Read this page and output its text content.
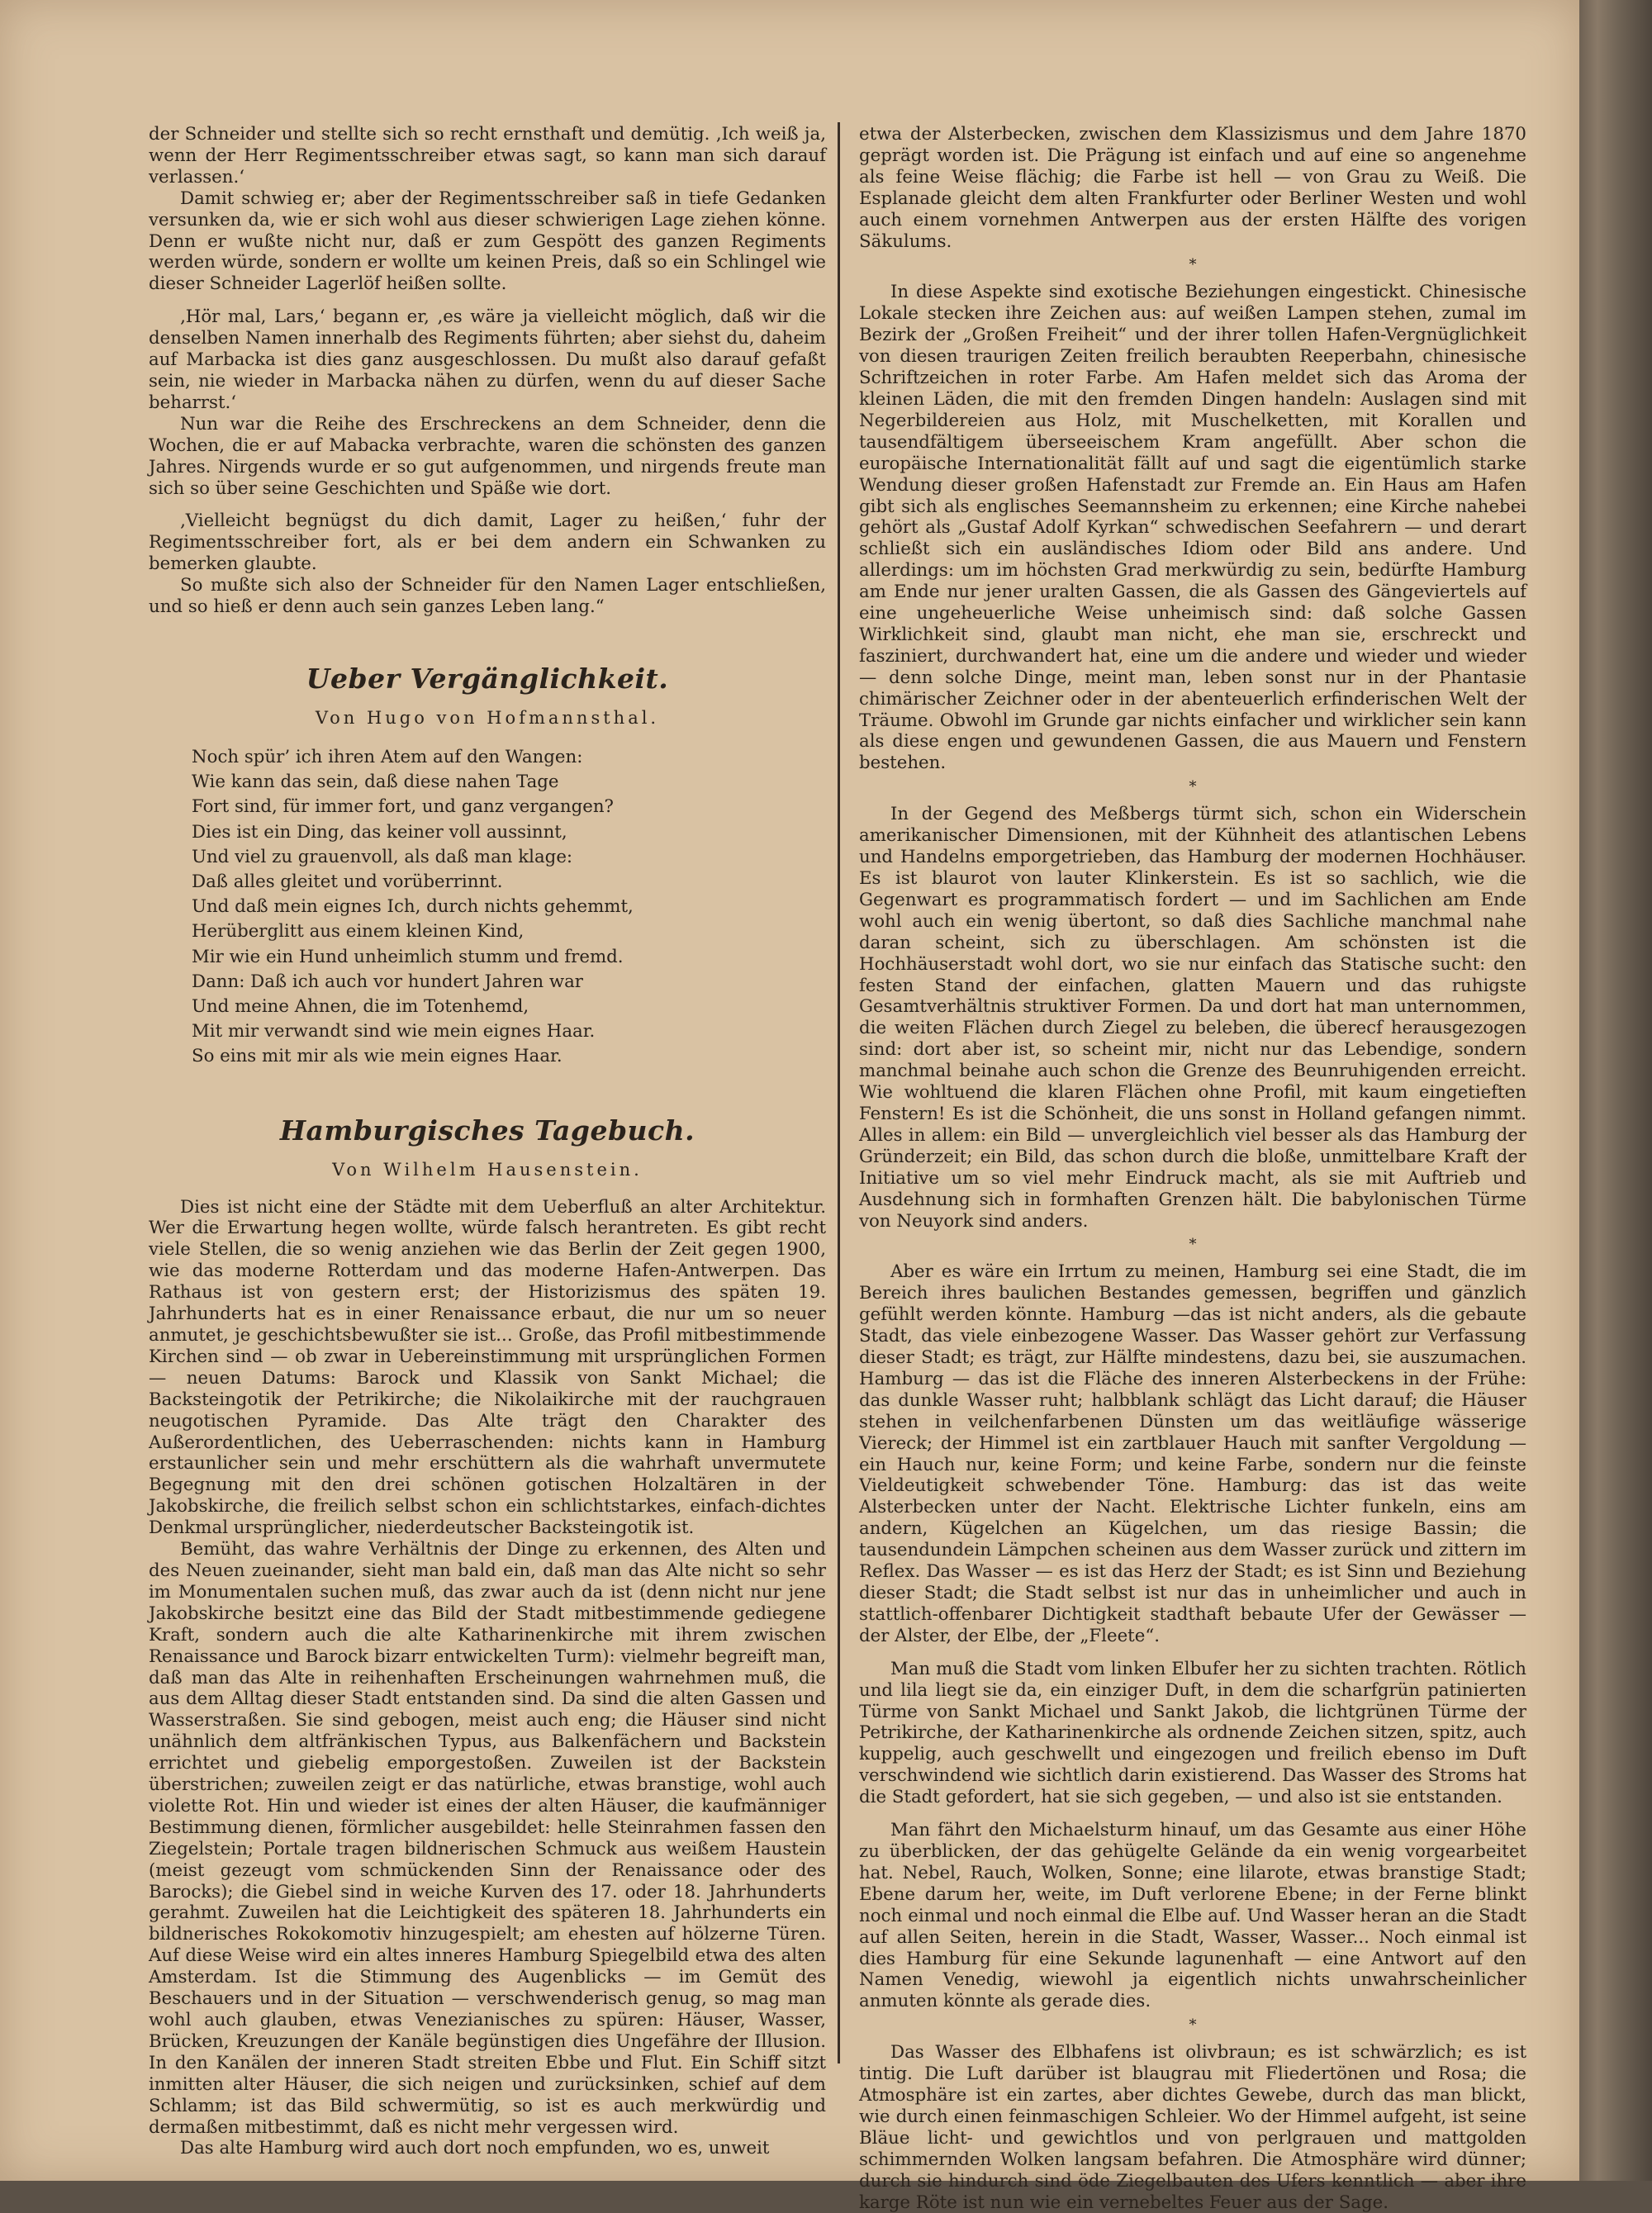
der Schneider und stellte sich so recht ernsthaft und demütig. ‚Ich weiß ja, wenn der Herr Regimentsschreiber etwas sagt, so kann man sich darauf verlassen.‘

Damit schwieg er; aber der Regimentsschreiber saß in tiefe Gedanken versunken da, wie er sich wohl aus dieser schwierigen Lage ziehen könne. Denn er wußte nicht nur, daß er zum Gespött des ganzen Regiments werden würde, sondern er wollte um keinen Preis, daß so ein Schlingel wie dieser Schneider Lagerlöf heißen sollte.

‚Hör mal, Lars,‘ begann er, ‚es wäre ja vielleicht möglich, daß wir die denselben Namen innerhalb des Regiments führten; aber siehst du, daheim auf Marbacka ist dies ganz ausgeschlossen. Du mußt also darauf gefaßt sein, nie wieder in Marbacka nähen zu dürfen, wenn du auf dieser Sache beharrst.‘

Nun war die Reihe des Erschreckens an dem Schneider, denn die Wochen, die er auf Mabacka verbrachte, waren die schönsten des ganzen Jahres. Nirgends wurde er so gut aufgenommen, und nirgends freute man sich so über seine Geschichten und Späße wie dort.

‚Vielleicht begnügst du dich damit, Lager zu heißen,‘ fuhr der Regimentsschreiber fort, als er bei dem andern ein Schwanken zu bemerken glaubte.

So mußte sich also der Schneider für den Namen Lager entschließen, und so hieß er denn auch sein ganzes Leben lang.“

Ueber Vergänglichkeit.
Von Hugo von Hofmannsthal.
Noch spür’ ich ihren Atem auf den Wangen:
Wie kann das sein, daß diese nahen Tage
Fort sind, für immer fort, und ganz vergangen?
Dies ist ein Ding, das keiner voll aussinnt,
Und viel zu grauenvoll, als daß man klage:
Daß alles gleitet und vorüberrinnt.
Und daß mein eignes Ich, durch nichts gehemmt,
Herüberglitt aus einem kleinen Kind,
Mir wie ein Hund unheimlich stumm und fremd.
Dann: Daß ich auch vor hundert Jahren war
Und meine Ahnen, die im Totenhemd,
Mit mir verwandt sind wie mein eignes Haar.
So eins mit mir als wie mein eignes Haar.
Hamburgisches Tagebuch.
Von Wilhelm Hausenstein.

Dies ist nicht eine der Städte mit dem Ueberfluß an alter Architektur. Wer die Erwartung hegen wollte, würde falsch herantreten. Es gibt recht viele Stellen, die so wenig anziehen wie das Berlin der Zeit gegen 1900, wie das moderne Rotterdam und das moderne Hafen-Antwerpen. Das Rathaus ist von gestern erst; der Historizismus des späten 19. Jahrhunderts hat es in einer Renaissance erbaut, die nur um so neuer anmutet, je geschichtsbewußter sie ist... Große, das Profil mitbestimmende Kirchen sind — ob zwar in Uebereinstimmung mit ursprünglichen Formen — neuen Datums: Barock und Klassik von Sankt Michael; die Backsteingotik der Petrikirche; die Nikolaikirche mit der rauchgrauen neugotischen Pyramide. Das Alte trägt den Charakter des Außerordentlichen, des Ueberraschenden: nichts kann in Hamburg erstaunlicher sein und mehr erschüttern als die wahrhaft unvermutete Begegnung mit den drei schönen gotischen Holzaltären in der Jakobskirche, die freilich selbst schon ein schlichtstarkes, einfach-dichtes Denkmal ursprünglicher, niederdeutscher Backsteingotik ist.

Bemüht, das wahre Verhältnis der Dinge zu erkennen, des Alten und des Neuen zueinander, sieht man bald ein, daß man das Alte nicht so sehr im Monumentalen suchen muß, das zwar auch da ist (denn nicht nur jene Jakobskirche besitzt eine das Bild der Stadt mitbestimmende gediegene Kraft, sondern auch die alte Katharinenkirche mit ihrem zwischen Renaissance und Barock bizarr entwickelten Turm): vielmehr begreift man, daß man das Alte in reihenhaften Erscheinungen wahrnehmen muß, die aus dem Alltag dieser Stadt entstanden sind. Da sind die alten Gassen und Wasserstraßen. Sie sind gebogen, meist auch eng; die Häuser sind nicht unähnlich dem altfränkischen Typus, aus Balkenfächern und Backstein errichtet und giebelig emporgestoßen. Zuweilen ist der Backstein überstrichen; zuweilen zeigt er das natürliche, etwas branstige, wohl auch violette Rot. Hin und wieder ist eines der alten Häuser, die kaufmänniger Bestimmung dienen, förmlicher ausgebildet: helle Steinrahmen fassen den Ziegelstein; Portale tragen bildnerischen Schmuck aus weißem Haustein (meist gezeugt vom schmückenden Sinn der Renaissance oder des Barocks); die Giebel sind in weiche Kurven des 17. oder 18. Jahrhunderts gerahmt. Zuweilen hat die Leichtigkeit des späteren 18. Jahrhunderts ein bildnerisches Rokokomotiv hinzugespielt; am ehesten auf hölzerne Türen. Auf diese Weise wird ein altes inneres Hamburg Spiegelbild etwa des alten Amsterdam. Ist die Stimmung des Augenblicks — im Gemüt des Beschauers und in der Situation — verschwenderisch genug, so mag man wohl auch glauben, etwas Venezianisches zu spüren: Häuser, Wasser, Brücken, Kreuzungen der Kanäle begünstigen dies Ungefähre der Illusion. In den Kanälen der inneren Stadt streiten Ebbe und Flut. Ein Schiff sitzt inmitten alter Häuser, die sich neigen und zurücksinken, schief auf dem Schlamm; ist das Bild schwermütig, so ist es auch merkwürdig und dermaßen mitbestimmt, daß es nicht mehr vergessen wird.

Das alte Hamburg wird auch dort noch empfunden, wo es, unweit

etwa der Alsterbecken, zwischen dem Klassizismus und dem Jahre 1870 geprägt worden ist. Die Prägung ist einfach und auf eine so angenehme als feine Weise flächig; die Farbe ist hell — von Grau zu Weiß. Die Esplanade gleicht dem alten Frankfurter oder Berliner Westen und wohl auch einem vornehmen Antwerpen aus der ersten Hälfte des vorigen Säkulums.

*

In diese Aspekte sind exotische Beziehungen eingestickt. Chinesische Lokale stecken ihre Zeichen aus: auf weißen Lampen stehen, zumal im Bezirk der „Großen Freiheit“ und der ihrer tollen Hafen-Vergnüglichkeit von diesen traurigen Zeiten freilich beraubten Reeperbahn, chinesische Schriftzeichen in roter Farbe. Am Hafen meldet sich das Aroma der kleinen Läden, die mit den fremden Dingen handeln: Auslagen sind mit Negerbildereien aus Holz, mit Muschelketten, mit Korallen und tausendfältigem überseeischem Kram angefüllt. Aber schon die europäische Internationalität fällt auf und sagt die eigentümlich starke Wendung dieser großen Hafenstadt zur Fremde an. Ein Haus am Hafen gibt sich als englisches Seemannsheim zu erkennen; eine Kirche nahebei gehört als „Gustaf Adolf Kyrkan“ schwedischen Seefahrern — und derart schließt sich ein ausländisches Idiom oder Bild ans andere. Und allerdings: um im höchsten Grad merkwürdig zu sein, bedürfte Hamburg am Ende nur jener uralten Gassen, die als Gassen des Gängeviertels auf eine ungeheuerliche Weise unheimisch sind: daß solche Gassen Wirklichkeit sind, glaubt man nicht, ehe man sie, erschreckt und fasziniert, durchwandert hat, eine um die andere und wieder und wieder — denn solche Dinge, meint man, leben sonst nur in der Phantasie chimärischer Zeichner oder in der abenteuerlich erfinderischen Welt der Träume. Obwohl im Grunde gar nichts einfacher und wirklicher sein kann als diese engen und gewundenen Gassen, die aus Mauern und Fenstern bestehen.

*

In der Gegend des Meßbergs türmt sich, schon ein Widerschein amerikanischer Dimensionen, mit der Kühnheit des atlantischen Lebens und Handelns emporgetrieben, das Hamburg der modernen Hochhäuser. Es ist blaurot von lauter Klinkerstein. Es ist so sachlich, wie die Gegenwart es programmatisch fordert — und im Sachlichen am Ende wohl auch ein wenig übertont, so daß dies Sachliche manchmal nahe daran scheint, sich zu überschlagen. Am schönsten ist die Hochhäuserstadt wohl dort, wo sie nur einfach das Statische sucht: den festen Stand der einfachen, glatten Mauern und das ruhigste Gesamtverhältnis struktiver Formen. Da und dort hat man unternommen, die weiten Flächen durch Ziegel zu beleben, die überecf herausgezogen sind: dort aber ist, so scheint mir, nicht nur das Lebendige, sondern manchmal beinahe auch schon die Grenze des Beunruhigenden erreicht. Wie wohltuend die klaren Flächen ohne Profil, mit kaum eingetieften Fenstern! Es ist die Schönheit, die uns sonst in Holland gefangen nimmt. Alles in allem: ein Bild — unvergleichlich viel besser als das Hamburg der Gründerzeit; ein Bild, das schon durch die bloße, unmittelbare Kraft der Initiative um so viel mehr Eindruck macht, als sie mit Auftrieb und Ausdehnung sich in formhaften Grenzen hält. Die babylonischen Türme von Neuyork sind anders.

*

Aber es wäre ein Irrtum zu meinen, Hamburg sei eine Stadt, die im Bereich ihres baulichen Bestandes gemessen, begriffen und gänzlich gefühlt werden könnte. Hamburg —das ist nicht anders, als die gebaute Stadt, das viele einbezogene Wasser. Das Wasser gehört zur Verfassung dieser Stadt; es trägt, zur Hälfte mindestens, dazu bei, sie auszumachen. Hamburg — das ist die Fläche des inneren Alsterbeckens in der Frühe: das dunkle Wasser ruht; halbblank schlägt das Licht darauf; die Häuser stehen in veilchenfarbenen Dünsten um das weitläufige wässerige Viereck; der Himmel ist ein zartblauer Hauch mit sanfter Vergoldung — ein Hauch nur, keine Form; und keine Farbe, sondern nur die feinste Vieldeutigkeit schwebender Töne. Hamburg: das ist das weite Alsterbecken unter der Nacht. Elektrische Lichter funkeln, eins am andern, Kügelchen an Kügelchen, um das riesige Bassin; die tausendundein Lämpchen scheinen aus dem Wasser zurück und zittern im Reflex. Das Wasser — es ist das Herz der Stadt; es ist Sinn und Beziehung dieser Stadt; die Stadt selbst ist nur das in unheimlicher und auch in stattlich-offenbarer Dichtigkeit stadthaft bebaute Ufer der Gewässer — der Alster, der Elbe, der „Fleete“.

Man muß die Stadt vom linken Elbufer her zu sichten trachten. Rötlich und lila liegt sie da, ein einziger Duft, in dem die scharfgrün patinierten Türme von Sankt Michael und Sankt Jakob, die lichtgrünen Türme der Petrikirche, der Katharinenkirche als ordnende Zeichen sitzen, spitz, auch kuppelig, auch geschwellt und eingezogen und freilich ebenso im Duft verschwindend wie sichtlich darin existierend. Das Wasser des Stroms hat die Stadt gefordert, hat sie sich gegeben, — und also ist sie entstanden.

Man fährt den Michaelsturm hinauf, um das Gesamte aus einer Höhe zu überblicken, der das gehügelte Gelände da ein wenig vorgearbeitet hat. Nebel, Rauch, Wolken, Sonne; eine lilarote, etwas branstige Stadt; Ebene darum her, weite, im Duft verlorene Ebene; in der Ferne blinkt noch einmal und noch einmal die Elbe auf. Und Wasser heran an die Stadt auf allen Seiten, herein in die Stadt, Wasser, Wasser... Noch einmal ist dies Hamburg für eine Sekunde lagunenhaft — eine Antwort auf den Namen Venedig, wiewohl ja eigentlich nichts unwahrscheinlicher anmuten könnte als gerade dies.

*

Das Wasser des Elbhafens ist olivbraun; es ist schwärzlich; es ist tintig. Die Luft darüber ist blaugrau mit Fliedertönen und Rosa; die Atmosphäre ist ein zartes, aber dichtes Gewebe, durch das man blickt, wie durch einen feinmaschigen Schleier. Wo der Himmel aufgeht, ist seine Bläue licht- und gewichtlos und von perlgrauen und mattgolden schimmernden Wolken langsam befahren. Die Atmosphäre wird dünner; durch sie hindurch sind öde Ziegelbauten des Ufers kenntlich — aber ihre karge Röte ist nun wie ein vernebeltes Feuer aus der Sage.
